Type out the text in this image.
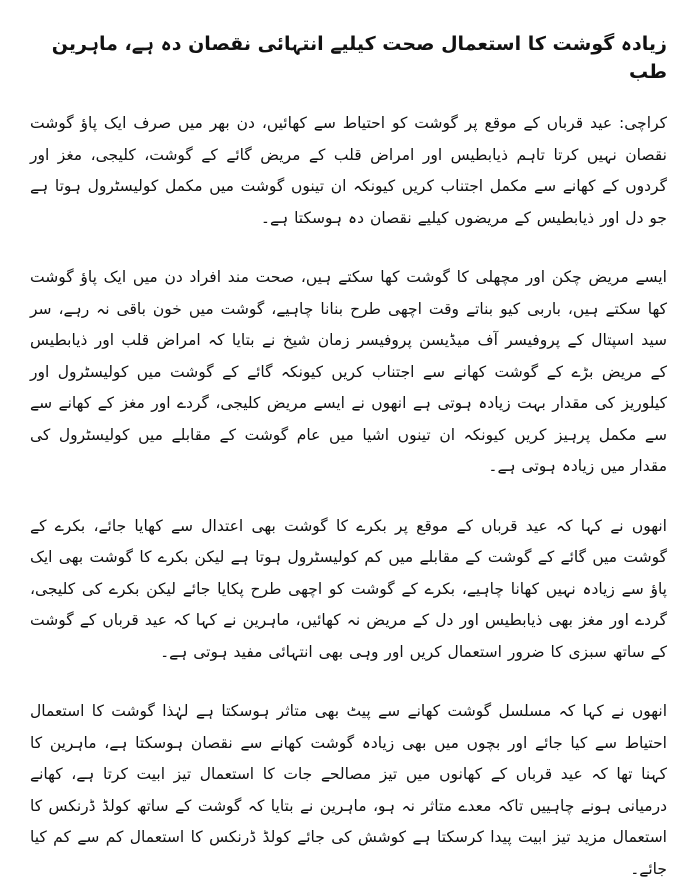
زیادہ گوشت کا استعمال صحت کیلیے انتہائی نقصان دہ ہے، ماہرین طب

کراچی: عید قرباں کے موقع پر گوشت کو احتیاط سے کھائیں، دن بھر میں صرف ایک پاؤ گوشت نقصان نہیں کرتا تاہم ذیابطیس اور امراض قلب کے مریض گائے کے گوشت، کلیجی، مغز اور گردوں کے کھانے سے مکمل اجتناب کریں کیونکہ ان تینوں گوشت میں مکمل کولیسٹرول ہوتا ہے جو دل اور ذیابطیس کے مریضوں کیلیے نقصان دہ ہوسکتا ہے۔

ایسے مریض چکن اور مچھلی کا گوشت کھا سکتے ہیں، صحت مند افراد دن میں ایک پاؤ گوشت کھا سکتے ہیں، باربی کیو بناتے وقت اچھی طرح بنانا چاہیے، گوشت میں خون باقی نہ رہے، سر سید اسپتال کے پروفیسر آف میڈیسن پروفیسر زمان شیخ نے بتایا کہ امراض قلب اور ذیابطیس کے مریض بڑے کے گوشت کھانے سے اجتناب کریں کیونکہ گائے کے گوشت میں کولیسٹرول اور کیلوریز کی مقدار بہت زیادہ ہوتی ہے انھوں نے ایسے مریض کلیجی، گردے اور مغز کے کھانے سے سے مکمل پرہیز کریں کیونکہ ان تینوں اشیا میں عام گوشت کے مقابلے میں کولیسٹرول کی مقدار میں زیادہ ہوتی ہے۔

انھوں نے کہا کہ عید قرباں کے موقع پر بکرے کا گوشت بھی اعتدال سے کھایا جائے، بکرے کے گوشت میں گائے کے گوشت کے مقابلے میں کم کولیسٹرول ہوتا ہے لیکن بکرے کا گوشت بھی ایک پاؤ سے زیادہ نہیں کھانا چاہیے، بکرے کے گوشت کو اچھی طرح پکایا جائے لیکن بکرے کی کلیجی، گردے اور مغز بھی ذیابطیس اور دل کے مریض نہ کھائیں، ماہرین نے کہا کہ عید قرباں کے گوشت کے ساتھ سبزی کا ضرور استعمال کریں اور وہی بھی انتہائی مفید ہوتی ہے۔

انھوں نے کہا کہ مسلسل گوشت کھانے سے پیٹ بھی متاثر ہوسکتا ہے لہٰذا گوشت کا استعمال احتیاط سے کیا جائے اور بچوں میں بھی زیادہ گوشت کھانے سے نقصان ہوسکتا ہے، ماہرین کا کہنا تھا کہ عید قرباں کے کھانوں میں تیز مصالحے جات کا استعمال تیز ابیت کرتا ہے، کھانے درمیانی ہونے چاہییں تاکہ معدے متاثر نہ ہو، ماہرین نے بتایا کہ گوشت کے ساتھ کولڈ ڈرنکس کا استعمال مزید تیز ابیت پیدا کرسکتا ہے کوشش کی جائے کولڈ ڈرنکس کا استعمال کم سے کم کیا جائے۔
